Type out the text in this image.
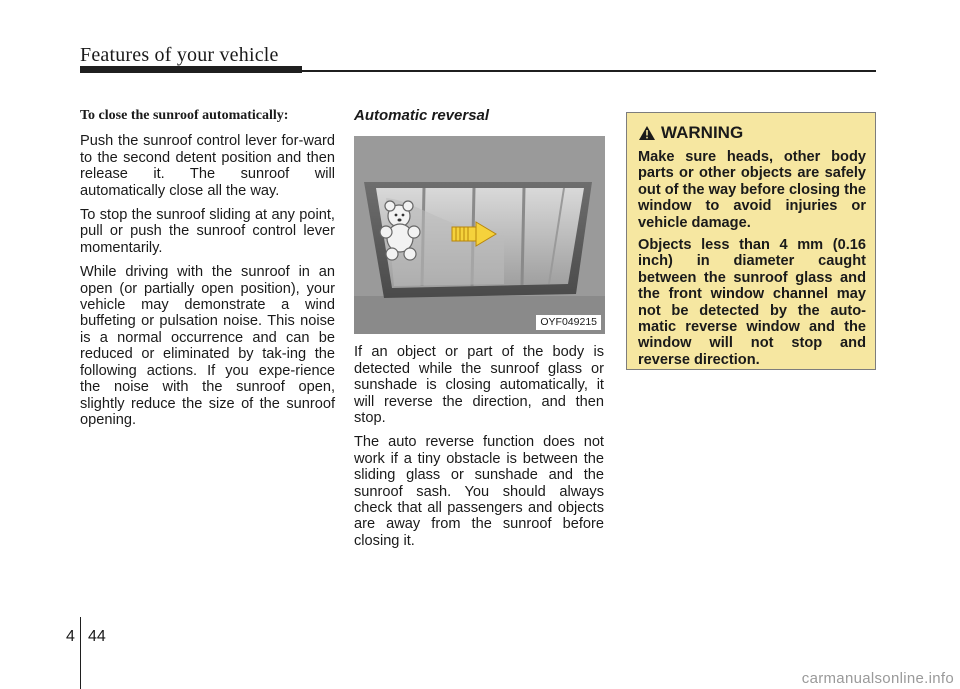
Features of your vehicle

To close the sunroof automatically:

Push the sunroof control lever for-ward to the second detent position and then release it. The sunroof will automatically close all the way.

To stop the sunroof sliding at any point, pull or push the sunroof control lever momentarily.

While driving with the sunroof in an open (or partially open position), your vehicle may demonstrate a wind buffeting or pulsation noise. This noise is a normal occurrence and can be reduced or eliminated by tak-ing the following actions. If you expe-rience the noise with the sunroof open, slightly reduce the size of the sunroof opening.

Automatic reversal

OYF049215

If an object or part of the body is detected while the sunroof glass or sunshade is closing automatically, it will reverse the direction, and then stop.

The auto reverse function does not work if a tiny obstacle is between the sliding glass or sunshade and the sunroof sash. You should always check that all passengers and objects are away from the sunroof before closing it.

WARNING

Make sure heads, other body parts or other objects are safely out of the way before closing the window to avoid injuries or vehicle damage.

Objects less than 4 mm (0.16 inch) in diameter caught between the sunroof glass and the front window channel may not be detected by the auto-matic reverse window and the window will not stop and reverse direction.

4 44
carmanualsonline.info
